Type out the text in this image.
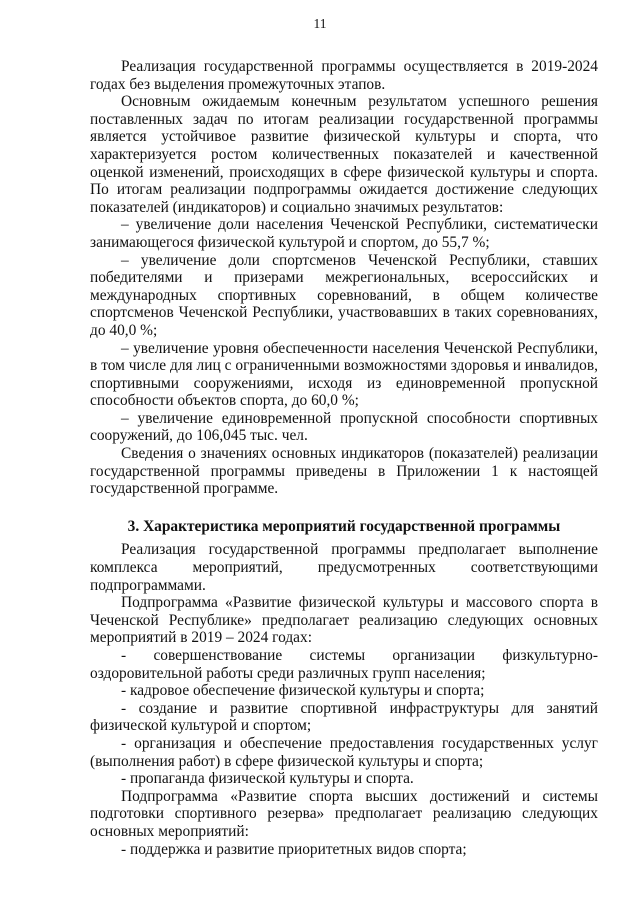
11

Реализация государственной программы осуществляется в 2019-2024 годах без выделения промежуточных этапов.

Основным ожидаемым конечным результатом успешного решения поставленных задач по итогам реализации государственной программы является устойчивое развитие физической культуры и спорта, что характеризуется ростом количественных показателей и качественной оценкой изменений, происходящих в сфере физической культуры и спорта. По итогам реализации подпрограммы ожидается достижение следующих показателей (индикаторов) и социально значимых результатов:

– увеличение доли населения Чеченской Республики, систематически занимающегося физической культурой и спортом, до 55,7 %;

– увеличение доли спортсменов Чеченской Республики, ставших победителями и призерами межрегиональных, всероссийских и международных спортивных соревнований, в общем количестве спортсменов Чеченской Республики, участвовавших в таких соревнованиях, до 40,0 %;

– увеличение уровня обеспеченности населения Чеченской Республики, в том числе для лиц с ограниченными возможностями здоровья и инвалидов, спортивными сооружениями, исходя из единовременной пропускной способности объектов спорта, до 60,0 %;

– увеличение единовременной пропускной способности спортивных сооружений, до 106,045 тыс. чел.

Сведения о значениях основных индикаторов (показателей) реализации государственной программы приведены в Приложении 1 к настоящей государственной программе.

3. Характеристика мероприятий государственной программы

Реализация государственной программы предполагает выполнение комплекса мероприятий, предусмотренных соответствующими подпрограммами.

Подпрограмма «Развитие физической культуры и массового спорта в Чеченской Республике» предполагает реализацию следующих основных мероприятий в 2019 – 2024 годах:

- совершенствование системы организации физкультурно-оздоровительной работы среди различных групп населения;

- кадровое обеспечение физической культуры и спорта;

- создание и развитие спортивной инфраструктуры для занятий физической культурой и спортом;

- организация и обеспечение предоставления государственных услуг (выполнения работ) в сфере физической культуры и спорта;

- пропаганда физической культуры и спорта.

Подпрограмма «Развитие спорта высших достижений и системы подготовки спортивного резерва» предполагает реализацию следующих основных мероприятий:

- поддержка и развитие приоритетных видов спорта;
